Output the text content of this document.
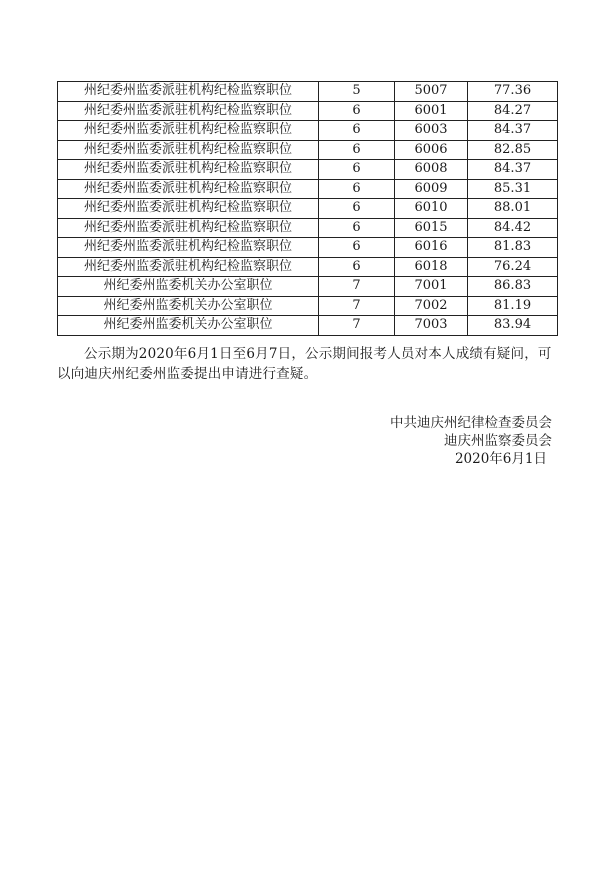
州纪委州监委派驻机构纪检监察职位	5	5007	77.36
州纪委州监委派驻机构纪检监察职位	6	6001	84.27
州纪委州监委派驻机构纪检监察职位	6	6003	84.37
州纪委州监委派驻机构纪检监察职位	6	6006	82.85
州纪委州监委派驻机构纪检监察职位	6	6008	84.37
州纪委州监委派驻机构纪检监察职位	6	6009	85.31
州纪委州监委派驻机构纪检监察职位	6	6010	88.01
州纪委州监委派驻机构纪检监察职位	6	6015	84.42
州纪委州监委派驻机构纪检监察职位	6	6016	81.83
州纪委州监委派驻机构纪检监察职位	6	6018	76.24
州纪委州监委机关办公室职位	7	7001	86.83
州纪委州监委机关办公室职位	7	7002	81.19
州纪委州监委机关办公室职位	7	7003	83.94

公示期为2020年6月1日至6月7日，公示期间报考人员对本人成绩有疑问，可以向迪庆州纪委州监委提出申请进行查疑。

中共迪庆州纪律检查委员会
迪庆州监察委员会
2020年6月1日
